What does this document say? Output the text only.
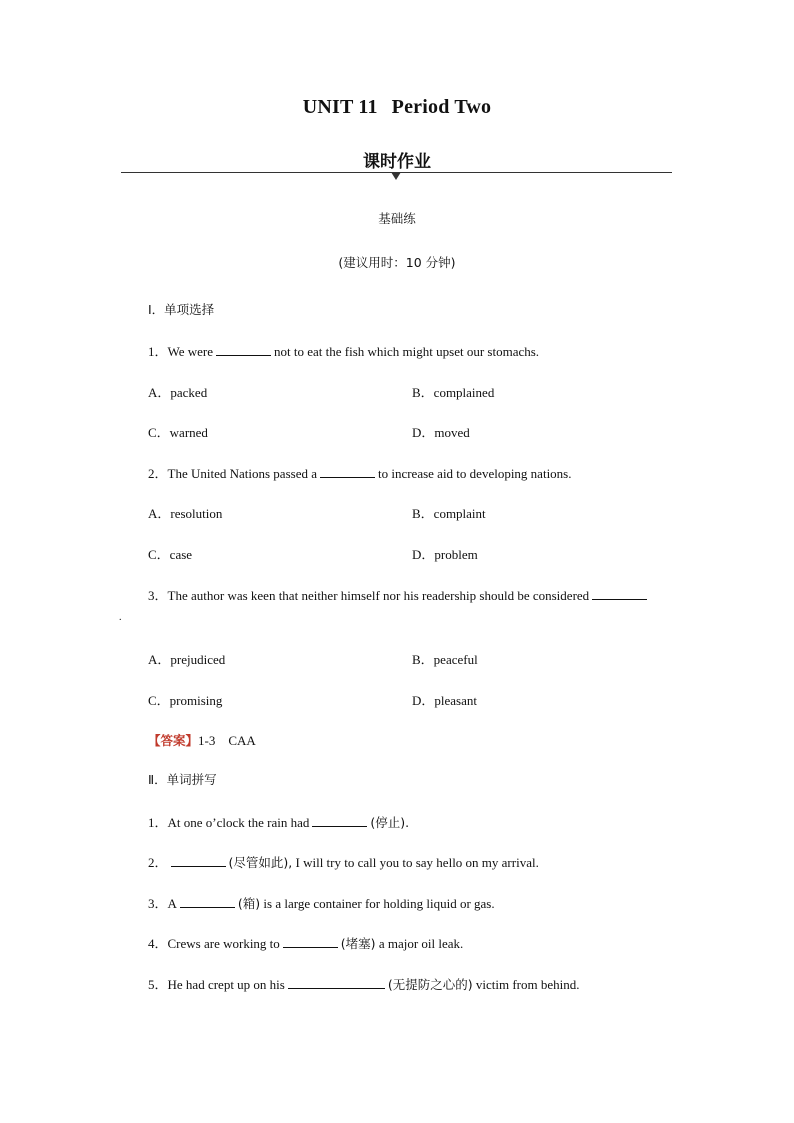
UNIT 11 Period Two
课时作业
基础练
(建议用时：10 分钟)
Ⅰ．单项选择
1．We were	not to eat the fish which might upset our stomachs.
A．packed	B．complained
C．warned	D．moved
2．The United Nations passed a	to increase aid to developing nations.
A．resolution	B．complaint
C．case	D．problem
3．The author was keen that neither himself nor his readership should be considered
.
A．prejudiced	B．peaceful
C．promising	D．pleasant
【答案】1-3　CAA
Ⅱ．单词拼写
1．At one o’clock the rain had	(停止).
2．	(尽管如此), I will try to call you to say hello on my arrival.
3．A	(箱) is a large container for holding liquid or gas.
4．Crews are working to	(堵塞) a major oil leak.
5．He had crept up on his	(无提防之心的) victim from behind.
